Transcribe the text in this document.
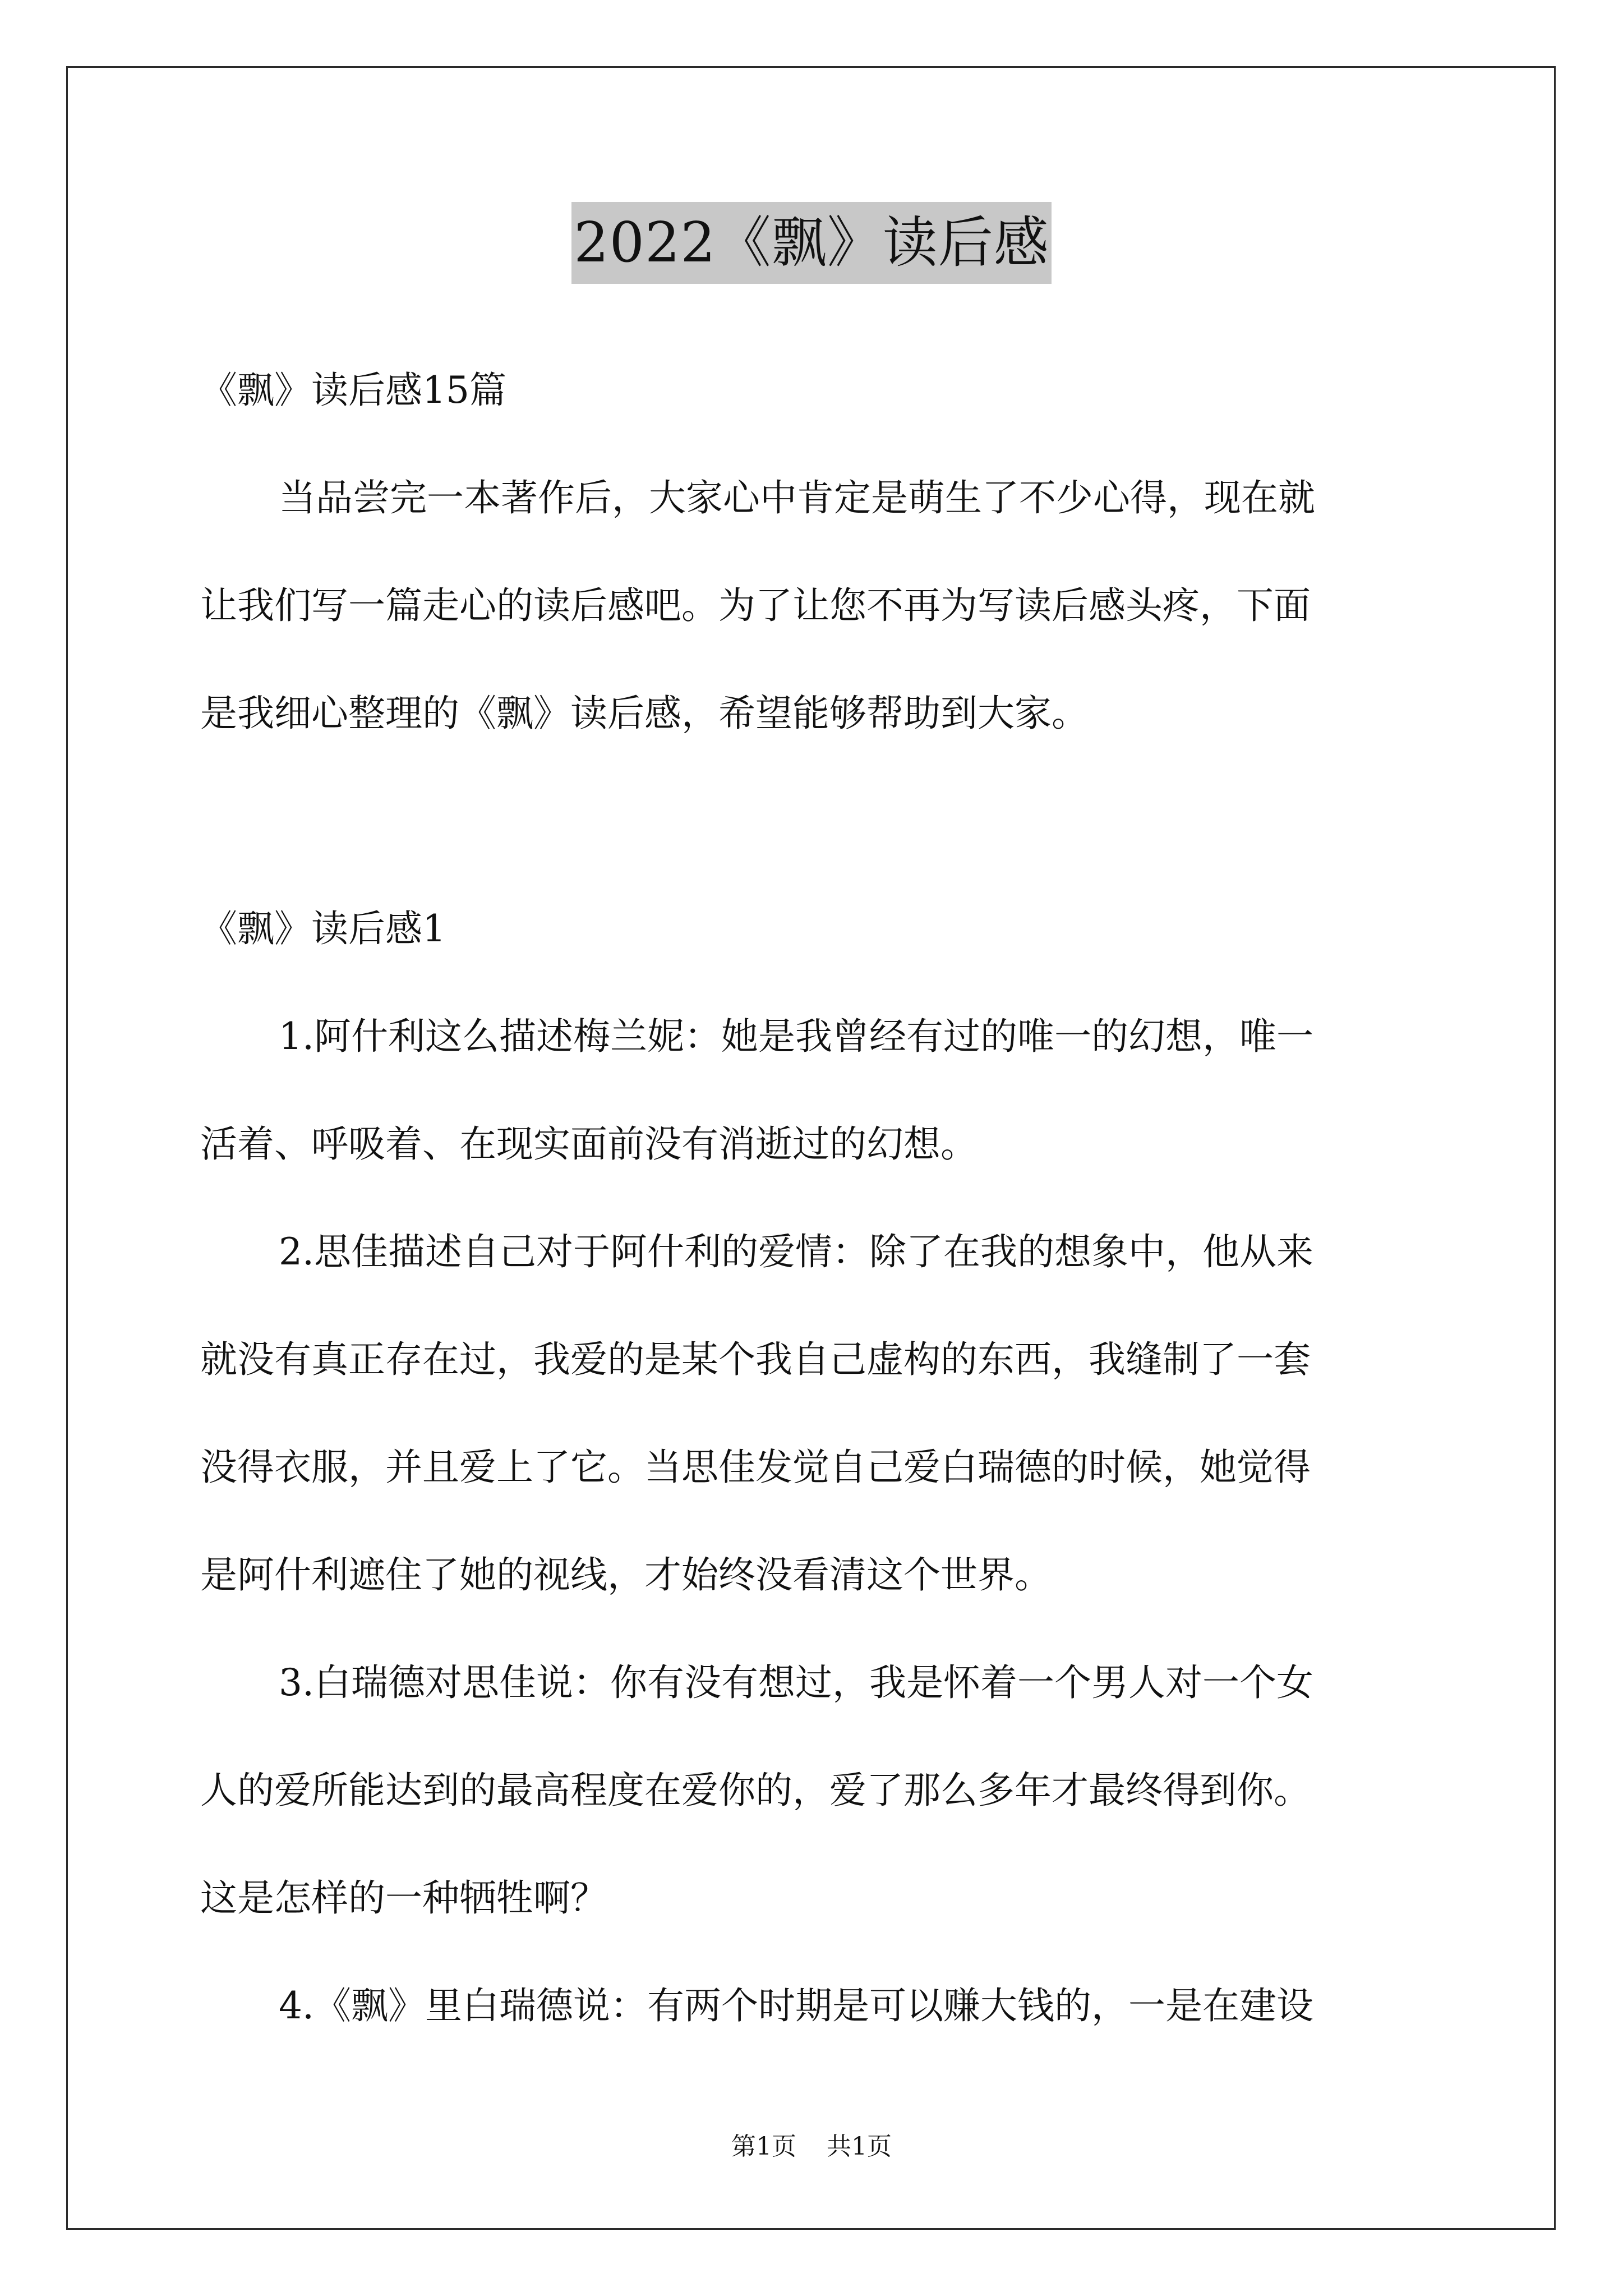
2022《飘》读后感
《飘》读后感15篇
当品尝完一本著作后，大家心中肯定是萌生了不少心得，现在就
让我们写一篇走心的读后感吧。为了让您不再为写读后感头疼，下面
是我细心整理的《飘》读后感，希望能够帮助到大家。
《飘》读后感1
1.阿什利这么描述梅兰妮：她是我曾经有过的唯一的幻想，唯一
活着、呼吸着、在现实面前没有消逝过的幻想。
2.思佳描述自己对于阿什利的爱情：除了在我的想象中，他从来
就没有真正存在过，我爱的是某个我自己虚构的东西，我缝制了一套
没得衣服，并且爱上了它。当思佳发觉自己爱白瑞德的时候，她觉得
是阿什利遮住了她的视线，才始终没看清这个世界。
3.白瑞德对思佳说：你有没有想过，我是怀着一个男人对一个女
人的爱所能达到的最高程度在爱你的，爱了那么多年才最终得到你。
这是怎样的一种牺牲啊？
4.《飘》里白瑞德说：有两个时期是可以赚大钱的，一是在建设
第1页 共1页
